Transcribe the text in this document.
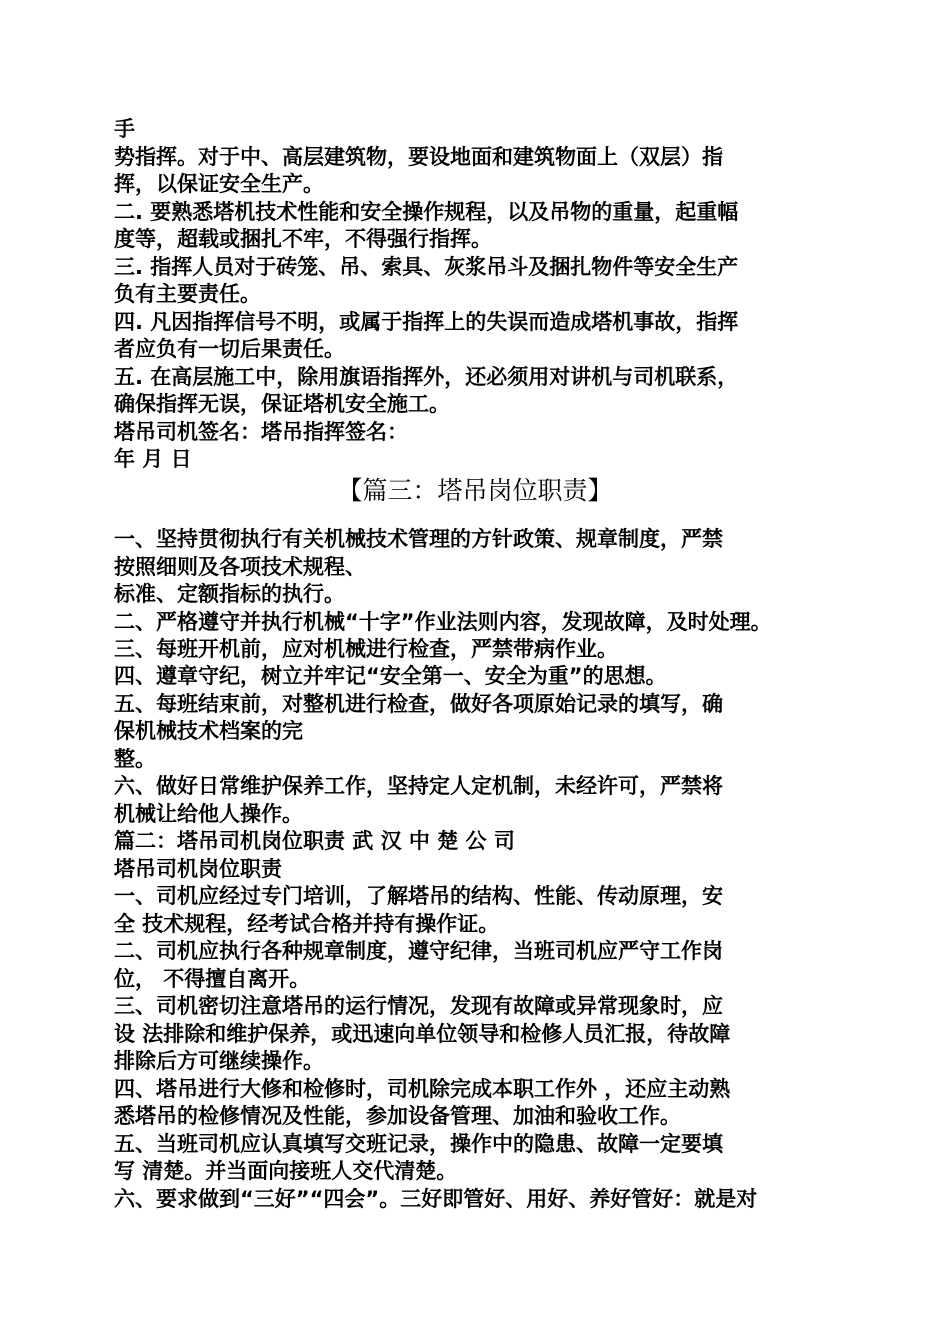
手

势指挥。对于中、高层建筑物，要设地面和建筑物面上（双层）指

挥，以保证安全生产。

二. 要熟悉塔机技术性能和安全操作规程，以及吊物的重量，起重幅

度等，超载或捆扎不牢，不得强行指挥。

三. 指挥人员对于砖笼、吊、索具、灰浆吊斗及捆扎物件等安全生产

负有主要责任。

四. 凡因指挥信号不明，或属于指挥上的失误而造成塔机事故，指挥

者应负有一切后果责任。

五. 在高层施工中，除用旗语指挥外，还必须用对讲机与司机联系，

确保指挥无误，保证塔机安全施工。

塔吊司机签名：塔吊指挥签名：

年 月 日

【篇三：塔吊岗位职责】

一、坚持贯彻执行有关机械技术管理的方针政策、规章制度，严禁

按照细则及各项技术规程、

标准、定额指标的执行。

二、严格遵守并执行机械“十字”作业法则内容，发现故障，及时处理。

三、每班开机前，应对机械进行检查，严禁带病作业。

四、遵章守纪，树立并牢记“安全第一、安全为重”的思想。

五、每班结束前，对整机进行检查，做好各项原始记录的填写，确

保机械技术档案的完

整。

六、做好日常维护保养工作，坚持定人定机制，未经许可，严禁将

机械让给他人操作。

篇二：塔吊司机岗位职责 武 汉 中 楚 公 司

塔吊司机岗位职责

一、司机应经过专门培训，了解塔吊的结构、性能、传动原理，安

全 技术规程，经考试合格并持有操作证。

二、司机应执行各种规章制度，遵守纪律，当班司机应严守工作岗

位， 不得擅自离开。

三、司机密切注意塔吊的运行情况，发现有故障或异常现象时，应

设 法排除和维护保养，或迅速向单位领导和检修人员汇报，待故障

排除后方可继续操作。

四、塔吊进行大修和检修时，司机除完成本职工作外 ，还应主动熟

悉塔吊的检修情况及性能，参加设备管理、加油和验收工作。

五、当班司机应认真填写交班记录，操作中的隐患、故障一定要填

写 清楚。并当面向接班人交代清楚。

六、要求做到“三好”“四会”。三好即管好、用好、养好管好：就是对
